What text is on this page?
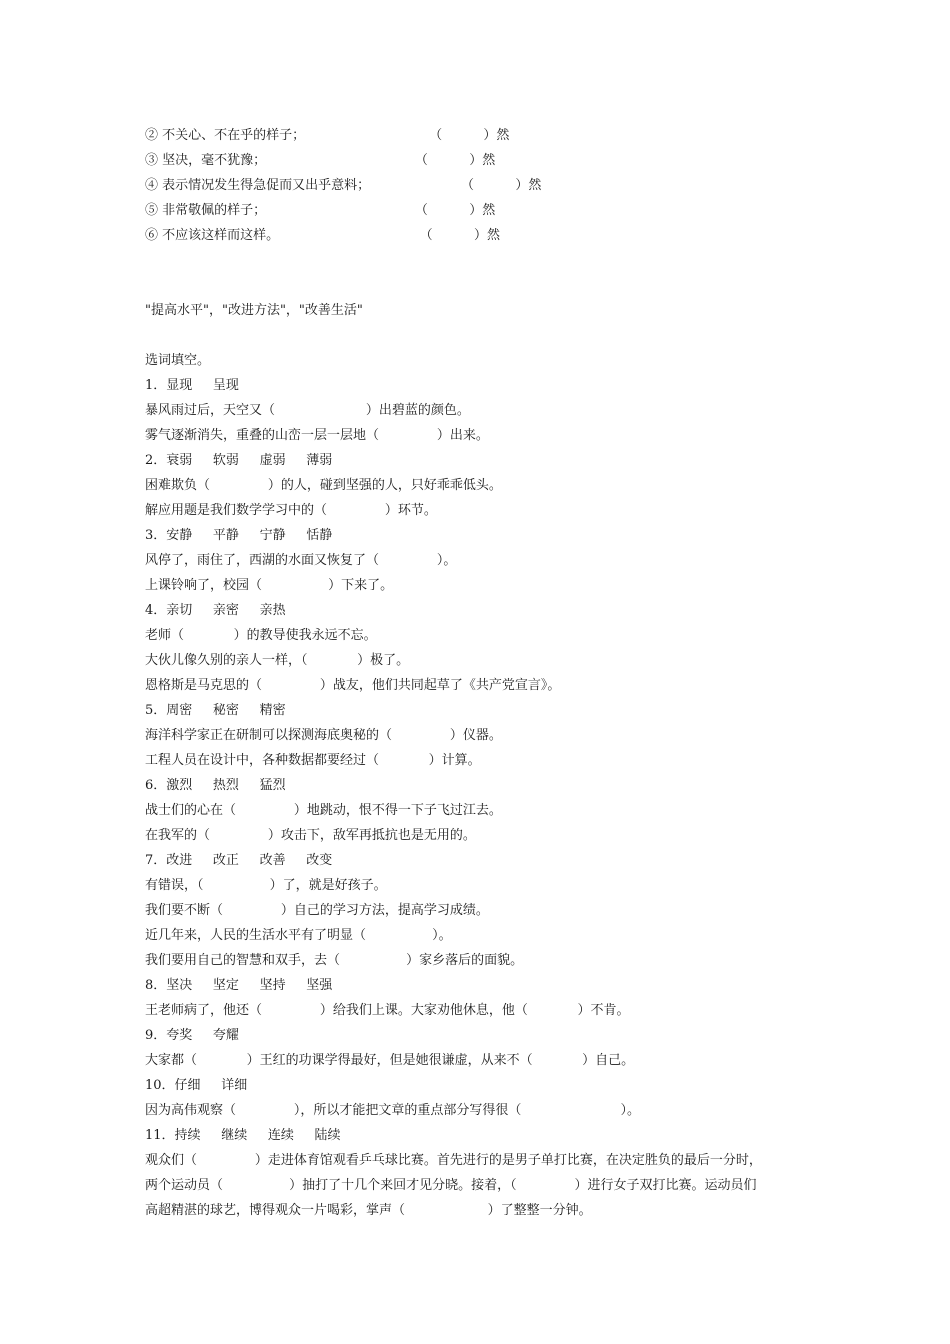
② 不关心、不在乎的样子；                              （          ）然
③ 坚决，毫不犹豫；                                    （          ）然
④ 表示情况发生得急促而又出乎意料；                      （          ）然
⑤ 非常敬佩的样子；                                    （          ）然
⑥ 不应该这样而这样。                                  （          ）然
"提高水平"，"改进方法"，"改善生活"
选词填空。
1．显现     呈现
暴风雨过后，天空又（                      ）出碧蓝的颜色。
雾气逐渐消失，重叠的山峦一层一层地（              ）出来。
2．衰弱     软弱     虚弱     薄弱
困难欺负（              ）的人，碰到坚强的人，只好乖乖低头。
解应用题是我们数学学习中的（              ）环节。
3．安静     平静     宁静     恬静
风停了，雨住了，西湖的水面又恢复了（              ）。
上课铃响了，校园（                ）下来了。
4．亲切     亲密     亲热
老师（            ）的教导使我永远不忘。
大伙儿像久别的亲人一样，（            ）极了。
恩格斯是马克思的（              ）战友，他们共同起草了《共产党宣言》。
5．周密     秘密     精密
海洋科学家正在研制可以探测海底奥秘的（              ）仪器。
工程人员在设计中，各种数据都要经过（            ）计算。
6．激烈     热烈     猛烈
战士们的心在（              ）地跳动，恨不得一下子飞过江去。
在我军的（              ）攻击下，敌军再抵抗也是无用的。
7．改进     改正     改善     改变
有错误，（                ）了，就是好孩子。
我们要不断（              ）自己的学习方法，提高学习成绩。
近几年来，人民的生活水平有了明显（                ）。
我们要用自己的智慧和双手，去（                ）家乡落后的面貌。
8．坚决     坚定     坚持     坚强
王老师病了，他还（              ）给我们上课。大家劝他休息，他（            ）不肯。
9．夸奖     夸耀
大家都（            ）王红的功课学得最好，但是她很谦虚，从来不（            ）自己。
10．仔细     详细
因为高伟观察（              ），所以才能把文章的重点部分写得很（                        ）。
11．持续     继续     连续     陆续
观众们（              ）走进体育馆观看乒乓球比赛。首先进行的是男子单打比赛，在决定胜负的最后一分时，
两个运动员（                ）抽打了十几个来回才见分晓。接着，（              ）进行女子双打比赛。运动员们
高超精湛的球艺，博得观众一片喝彩，掌声（                    ）了整整一分钟。
